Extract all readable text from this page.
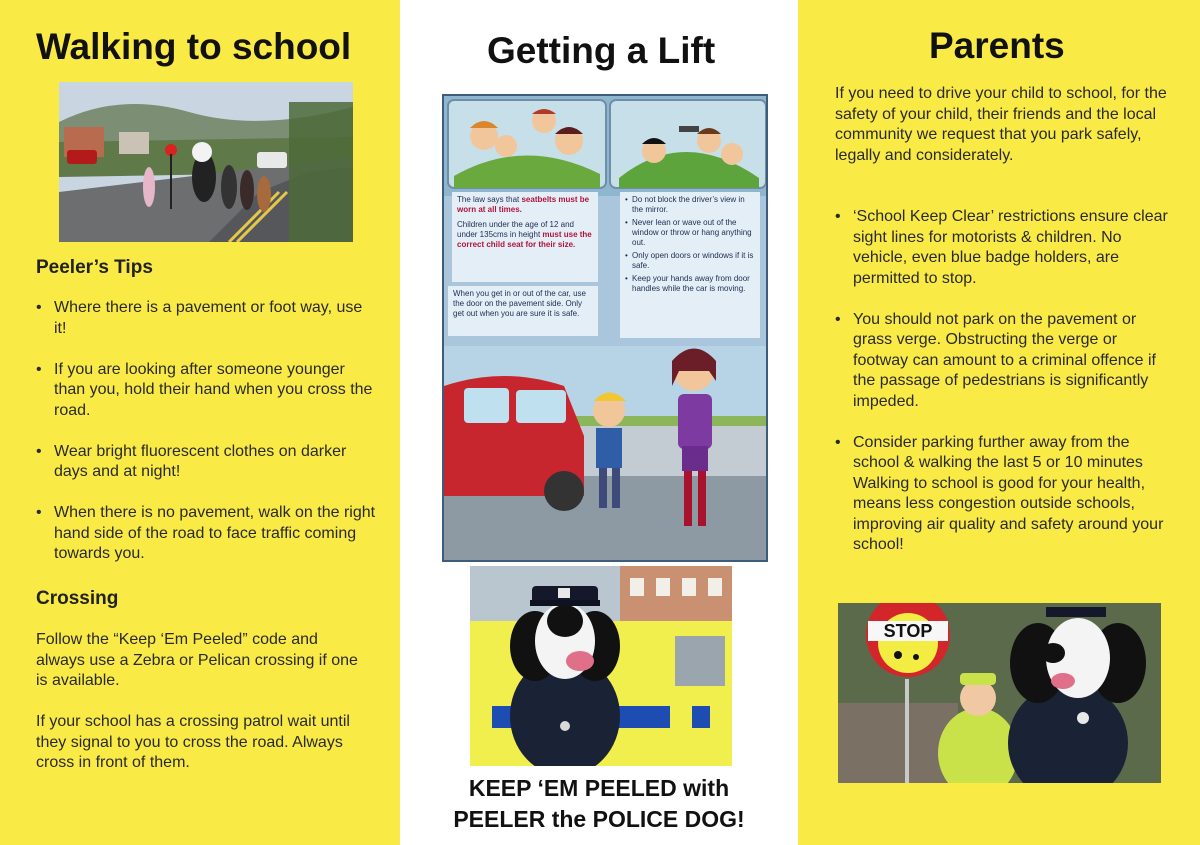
Walking to school
Peeler’s Tips
• Where there is a pavement or foot way, use it!
• If you are looking after someone younger than you, hold their hand when you cross the road.
• Wear bright fluorescent clothes on darker days and at night!
• When there is no pavement, walk on the right hand side of the road to face traffic coming towards you.
Crossing
Follow the “Keep ‘Em Peeled” code and always use a Zebra or Pelican crossing if one is available.
If your school has a crossing patrol wait until they signal to you to cross the road. Always cross in front of them.
Getting a Lift
The law says that seatbelts must be worn at all times.
Children under the age of 12 and under 135cms in height must use the correct child seat for their size.
When you get in or out of the car, use the door on the pavement side. Only get out when you are sure it is safe.
• Do not block the driver’s view in the mirror.
• Never lean or wave out of the window or throw or hang anything out.
• Only open doors or windows if it is safe.
• Keep your hands away from door handles while the car is moving.
KEEP ‘EM PEELED with
PEELER the POLICE DOG!
Parents
If you need to drive your child to school, for the safety of your child, their friends and the local community we request that you park safely, legally and considerately.
• ‘School Keep Clear’ restrictions ensure clear sight lines for motorists & children. No vehicle, even blue badge holders, are permitted to stop.
• You should not park on the pavement or grass verge. Obstructing the verge or footway can amount to a criminal offence if the passage of pedestrians is significantly impeded.
• Consider parking further away from the school & walking the last 5 or 10 minutes Walking to school is good for your health, means less congestion outside schools, improving air quality and safety around your school!
STOP
